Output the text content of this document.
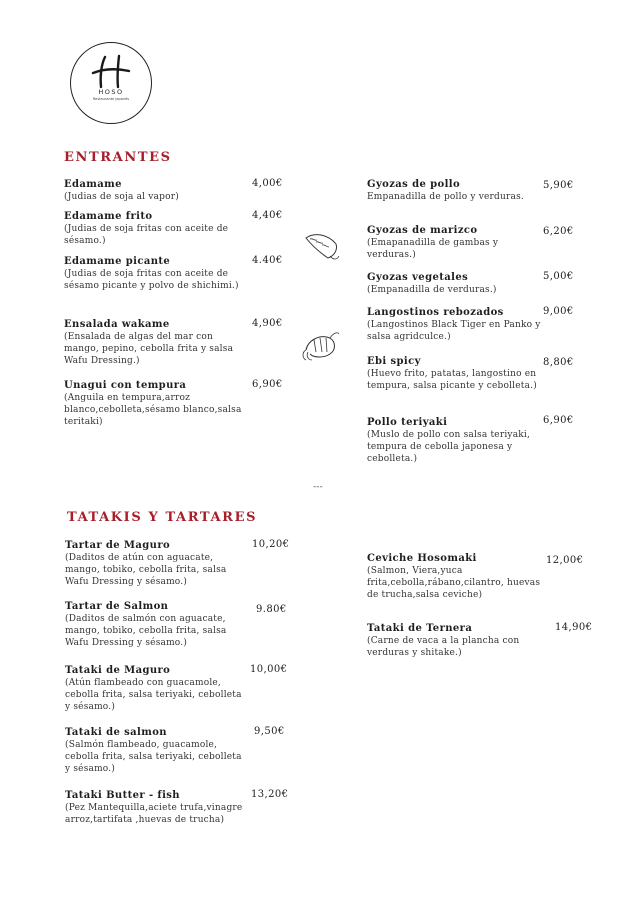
HOSO
Restaurante Japonés
ENTRANTES
Edamame
(Judias de soja al vapor)
4,00€
Edamame frito
(Judias de soja fritas con aceite de sésamo.)
4,40€
Edamame picante
(Judias de soja fritas con aceite de sésamo picante y polvo de shichimi.)
4.40€
Ensalada wakame
(Ensalada de algas del mar con mango, pepino, cebolla frita y salsa Wafu Dressing.)
4,90€
Unagui con tempura
(Anguila en tempura,arroz blanco,cebolleta,sésamo blanco,salsa teritaki)
6,90€
Gyozas de pollo
Empanadilla de pollo y verduras.
5,90€
Gyozas de marizco
(Emapanadilla de gambas y verduras.)
6,20€
Gyozas vegetales
(Empanadilla de verduras.)
5,00€
Langostinos rebozados
(Langostinos Black Tiger en Panko y salsa agridculce.)
9,00€
Ebi spicy
(Huevo frito, patatas, langostino en tempura, salsa picante y cebolleta.)
8,80€
Pollo teriyaki
(Muslo de pollo con salsa teriyaki, tempura de cebolla japonesa y cebolleta.)
6,90€
---
TATAKIS Y TARTARES
Tartar de Maguro
(Daditos de atún con aguacate, mango, tobiko, cebolla frita, salsa Wafu Dressing y sésamo.)
10,20€
Tartar de Salmon
(Daditos de salmón con aguacate, mango, tobiko, cebolla frita, salsa Wafu Dressing y sésamo.)
9.80€
Tataki de Maguro
(Atún flambeado con guacamole, cebolla frita, salsa teriyaki, cebolleta y sésamo.)
10,00€
Tataki de salmon
(Salmón flambeado, guacamole, cebolla frita, salsa teriyaki, cebolleta y sésamo.)
9,50€
Tataki Butter - fish
(Pez Mantequilla,aciete trufa,vinagre arroz,tartifata ,huevas de trucha)
13,20€
Ceviche Hosomaki
(Salmon, Viera,yuca frita,cebolla,rábano,cilantro, huevas de trucha,salsa ceviche)
12,00€
Tataki de Ternera
(Carne de vaca a la plancha con verduras y shitake.)
14,90€
